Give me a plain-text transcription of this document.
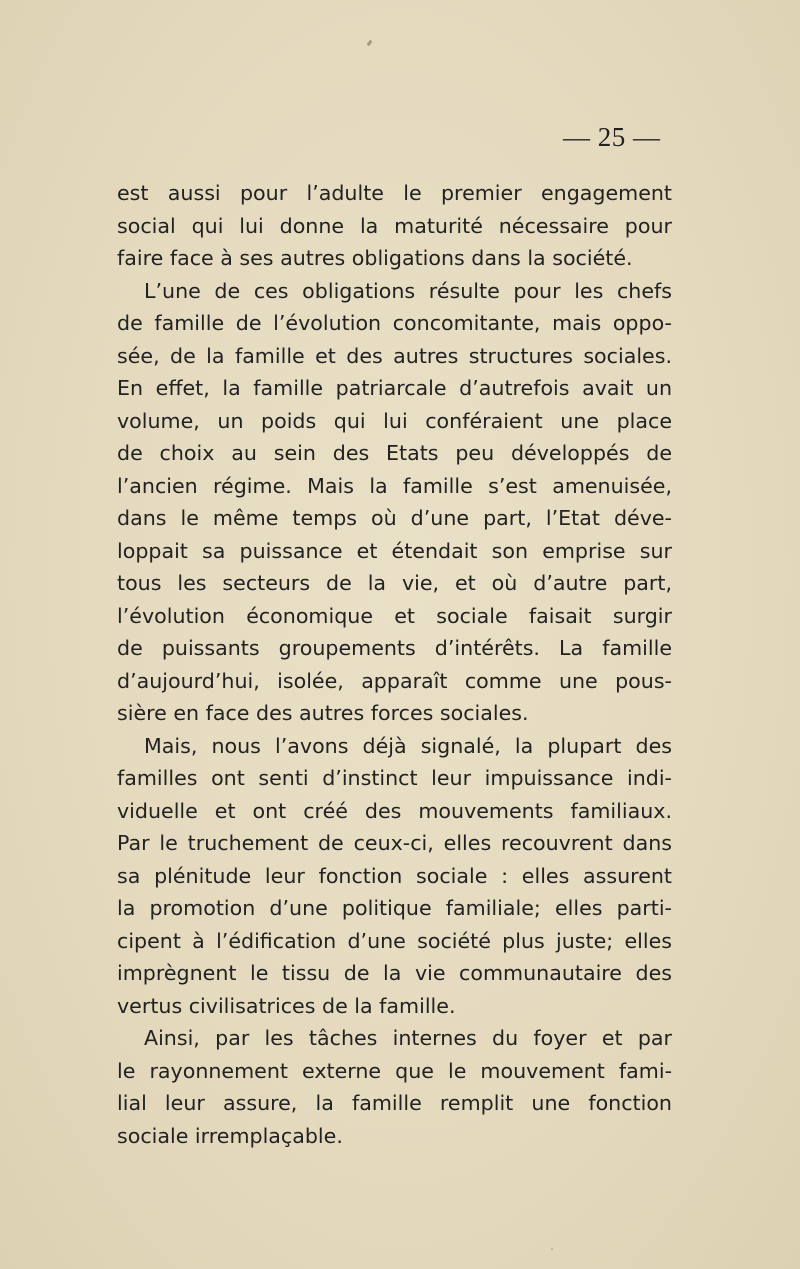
— 25 —
est aussi pour l’adulte le premier engagement
social qui lui donne la maturité nécessaire pour
faire face à ses autres obligations dans la société.
L’une de ces obligations résulte pour les chefs
de famille de l’évolution concomitante, mais oppo-
sée, de la famille et des autres structures sociales.
En effet, la famille patriarcale d’autrefois avait un
volume, un poids qui lui conféraient une place
de choix au sein des Etats peu développés de
l’ancien régime. Mais la famille s’est amenuisée,
dans le même temps où d’une part, l’Etat déve-
loppait sa puissance et étendait son emprise sur
tous les secteurs de la vie, et où d’autre part,
l’évolution économique et sociale faisait surgir
de puissants groupements d’intérêts. La famille
d’aujourd’hui, isolée, apparaît comme une pous-
sière en face des autres forces sociales.
Mais, nous l’avons déjà signalé, la plupart des
familles ont senti d’instinct leur impuissance indi-
viduelle et ont créé des mouvements familiaux.
Par le truchement de ceux-ci, elles recouvrent dans
sa plénitude leur fonction sociale : elles assurent
la promotion d’une politique familiale; elles parti-
cipent à l’édification d’une société plus juste; elles
imprègnent le tissu de la vie communautaire des
vertus civilisatrices de la famille.
Ainsi, par les tâches internes du foyer et par
le rayonnement externe que le mouvement fami-
lial leur assure, la famille remplit une fonction
sociale irremplaçable.
